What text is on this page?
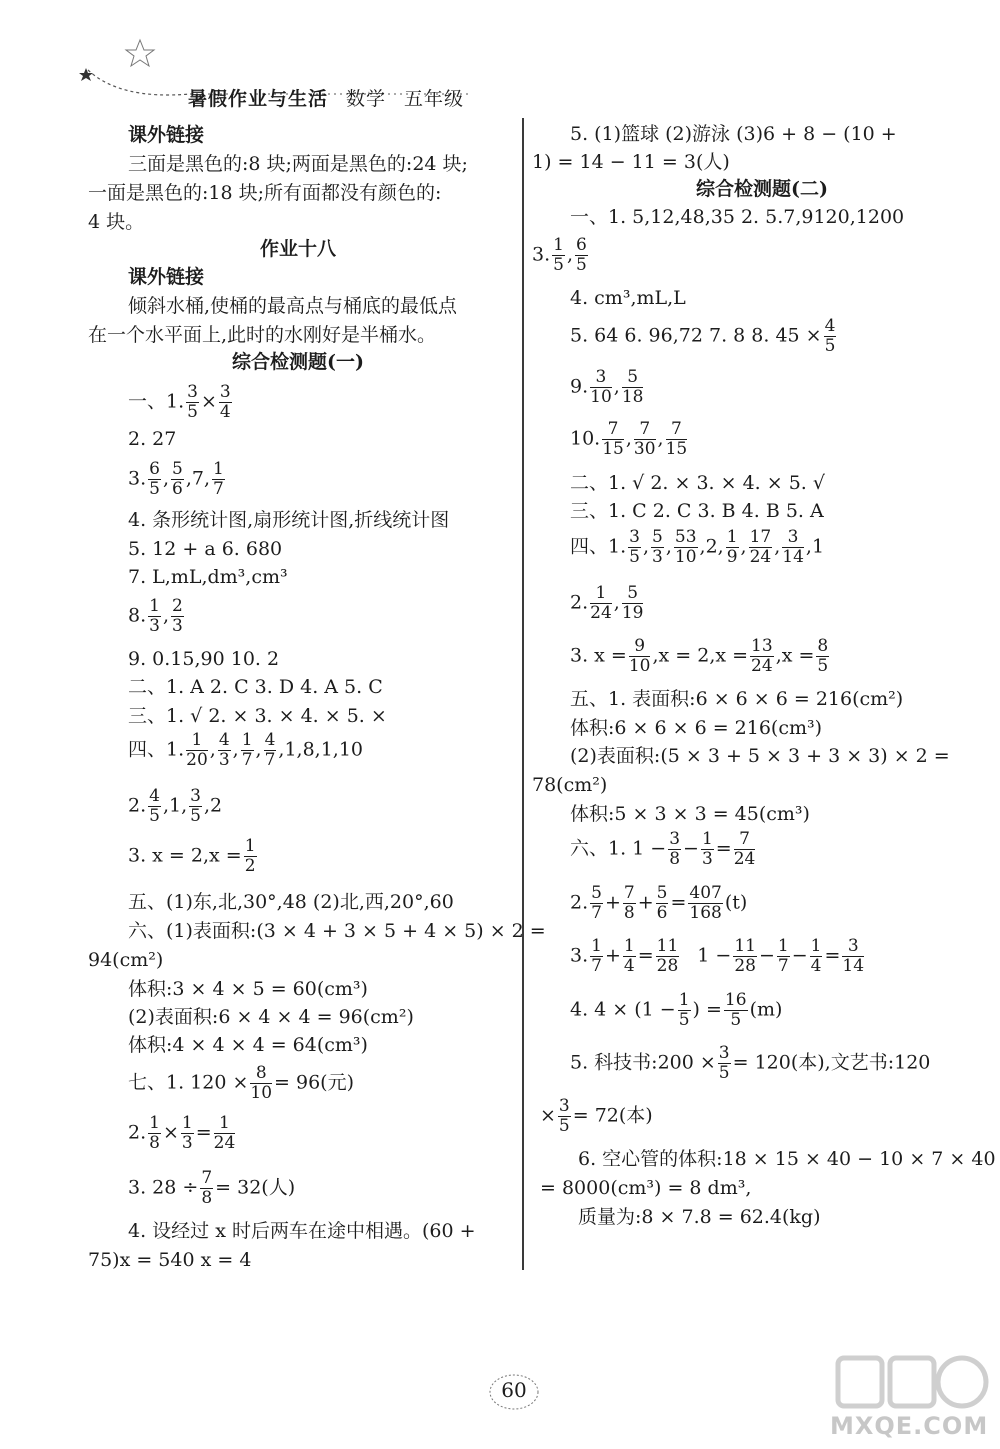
暑假作业与生活 数学 五年级
课外链接
三面是黑色的:8 块;两面是黑色的:24 块;
一面是黑色的:18 块;所有面都没有颜色的:
4 块。
作业十八
课外链接
倾斜水桶,使桶的最高点与桶底的最低点
在一个水平面上,此时的水刚好是半桶水。
综合检测题(一)
一、1. $\frac{3}{5} \times \frac{3}{4}$
2. 27
3. $\frac{6}{5}$ , $\frac{5}{6} ,7$, $\frac{1}{7}$
4. 条形统计图,扇形统计图,折线统计图
5. 12 + a 6. 680
7. L,mL,dm³,cm³
8. $\frac{1}{3}$ , $\frac{2}{3}$
9. 0.15,90 10. 2
二、1. A 2. C 3. D 4. A 5. C
三、1. √ 2. × 3. × 4. × 5. ×
四、1. $\frac{1}{20}$ , $\frac{4}{3}$ , $\frac{1}{7}$ , $\frac{4}{7} ,1,8,1,10$
2. $\frac{4}{5} ,1$, $\frac{3}{5} ,2$
3. $x = 2,x = \frac{1}{2}$
五、(1)东,北,30°,48 (2)北,西,20°,60
六、(1)表面积:(3 × 4 + 3 × 5 + 4 × 5) × 2 =
94(cm²)
体积:3 × 4 × 5 = 60(cm³)
(2)表面积:6 × 4 × 4 = 96(cm²)
体积:4 × 4 × 4 = 64(cm³)
七、1. $120 \times \frac{8}{10} = 96$(元)
2. $\frac{1}{8} \times \frac{1}{3} = \frac{1}{24}$
3. $28 \div \frac{7}{8} = 32$(人)
4. 设经过 x 时后两车在途中相遇。(60 +
75)x = 540 x = 4
5. (1)篮球 (2)游泳 (3)6 + 8 − (10 +
1) = 14 − 11 = 3(人)
综合检测题(二)
一、1. 5,12,48,35 2. 5.7,9120,1200
3. $\frac{1}{5}$ , $\frac{6}{5}$
4. cm³,mL,L
5. 64 6. 96,72 7. 8 8. $45 \times \frac{4}{5}$
9. $\frac{3}{10}$ , $\frac{5}{18}$
10. $\frac{7}{15}$ , $\frac{7}{30}$ , $\frac{7}{15}$
二、1. √ 2. × 3. × 4. × 5. √
三、1. C 2. C 3. B 4. B 5. A
四、1. $\frac{3}{5}$ , $\frac{5}{3}$ , $\frac{53}{10} ,2$, $\frac{1}{9}$ , $\frac{17}{24}$ , $\frac{3}{14} ,1$
2. $\frac{1}{24}$ , $\frac{5}{19}$
3. $x = \frac{9}{10} ,x = 2,x = \frac{13}{24} ,x = \frac{8}{5}$
五、1. 表面积:6 × 6 × 6 = 216(cm²)
体积:6 × 6 × 6 = 216(cm³)
(2)表面积:(5 × 3 + 5 × 3 + 3 × 3) × 2 =
78(cm²)
体积:5 × 3 × 3 = 45(cm³)
六、1. $1 - \frac{3}{8} - \frac{1}{3} = \frac{7}{24}$
2. $\frac{5}{7} + \frac{7}{8} + \frac{5}{6} = \frac{407}{168} (t)$
3. $\frac{1}{7} + \frac{1}{4} = \frac{11}{28} 1 - \frac{11}{28} - \frac{1}{7} - \frac{1}{4} = \frac{3}{14}$
4. $4 \times (1 - \frac{1}{5}$ ) = $\frac{16}{5} (m)$
5. 科技书:200 × $\frac{3}{5} = 120$(本),文艺书:120
× $\frac{3}{5} = 72$(本)
6. 空心管的体积:18 × 15 × 40 − 10 × 7 × 40
= 8000(cm³) = 8 dm³,
质量为:8 × 7.8 = 62.4(kg)
60
MXQE.COM
